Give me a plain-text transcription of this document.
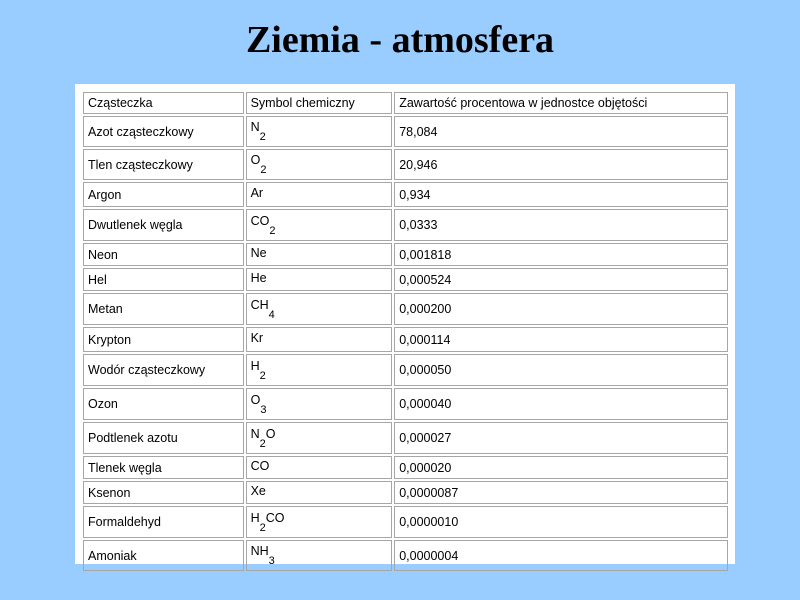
Ziemia - atmosfera
Cząsteczka	Symbol chemiczny	Zawartość procentowa w jednostce objętości
Azot cząsteczkowy	$N_2$	78,084
Tlen cząsteczkowy	$O_2$	20,946
Argon	Ar	0,934
Dwutlenek węgla	$CO_2$	0,0333
Neon	Ne	0,001818
Hel	He	0,000524
Metan	$CH_4$	0,000200
Krypton	Kr	0,000114
Wodór cząsteczkowy	$H_2$	0,000050
Ozon	$O_3$	0,000040
Podtlenek azotu	$N_2O$	0,000027
Tlenek węgla	CO	0,000020
Ksenon	Xe	0,0000087
Formaldehyd	$H_2CO$	0,0000010
Amoniak	$NH_3$	0,0000004
